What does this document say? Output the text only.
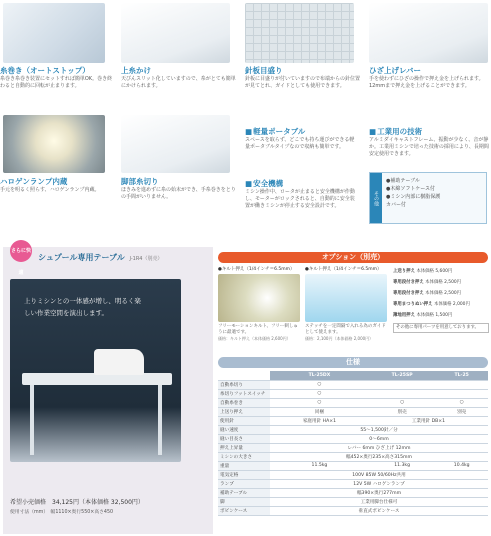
糸巻き（オートストップ）
糸巻き糸巻き装置にセットすれば簡単OK。巻き終わると自動的に回転が止まります。
上糸かけ
天びんスリット化していますので、糸がとても簡単にかけられます。
針板目盛り
針板に目盛りが付いていますので布端からの針位置が見てとれ、ガイドとしても使用できます。
ひざ上げレバー
手を使わずにひざの操作で押え金を上げられます。12mmまで押え金を上げることができます。
ハロゲンランプ内蔵
手元を明るく照らす、ハロゲンランプ内蔵。
脚部糸切り
ほきみを進めずに糸の始末ができ、手糸巻きをとりの手間がいりません。
■ 軽量ポータブル
スペースを取らず、どこでも持ち運びができる軽量ポータブルタイプなので収納も簡単です。
■ 安全機構
ミシン操作中、ロータが止まると安全機構が作動し、モーターがロックされると、自動的に安全装置が働きミシンが停止する安全設計です。
■ 工業用の技術
アルミダイキャストフレーム、振動が少なく、音が静か。工業用ミシンで培った技術の採用により、長期間安定使用できます。
その他
●補助テーブル
●木綿ソフトケース付
●ミシン内部に樹脂保護
カバー付
さらに快適
シュプール専用テーブル J-1R4（別売）
上りミシンとの一体感が増し、明るく楽しい作業空間を演出します。
希望小売価格　34,125円（本体価格 32,500円）
使用寸法（mm）　幅1110×奥行550×高さ450
オプション（別売）
●キルト押え（1/4インチ＝6.5mm）
フリーモーションキルト、フリー刺しゅうに最適です。
価格：キルト押え（本体価格 2,600円）
●キルト押え（1/4インチ＝6.5mm）
ステッチを一定間隔で入れる為のガイドとして使えます。
価格：2,100円（本体価格 2,000円）
上送り押え 本体価格 5,600円
専用段付き押え 本体価格 2,500円
専用段付き押え 本体価格 2,500円
専用まつりぬい押え 本体価格 2,000円
薄地用押え 本体価格 1,500円
その他に専用パーツを用意しております。
仕様
	TL-25DX	TL-25SP	TL-25
自動糸切り	○		
糸切りフットスイッチ	○		
自動糸巻き	○	○	○
上送り押え	同梱	別売	別売
使用針	家庭用針 HA×1	工業用針 DB×1	
縫い速度	55〜1,500針／分		
縫い目長さ	0〜6mm		
押え上昇量	レバー 6mm ひざ上げ 12mm		
ミシンの大きさ	幅452×奥行235×高さ315mm		
重量	11.5kg	11.3kg	10.4kg
電気定格	100V 85W 50/60Hz共用		
ランプ	12V 5W ハロゲンランプ		
補助テーブル	幅390×奥行277mm		
脚	工業用脚台仕様可		
ボビンケース	垂直式ボビンケース		
